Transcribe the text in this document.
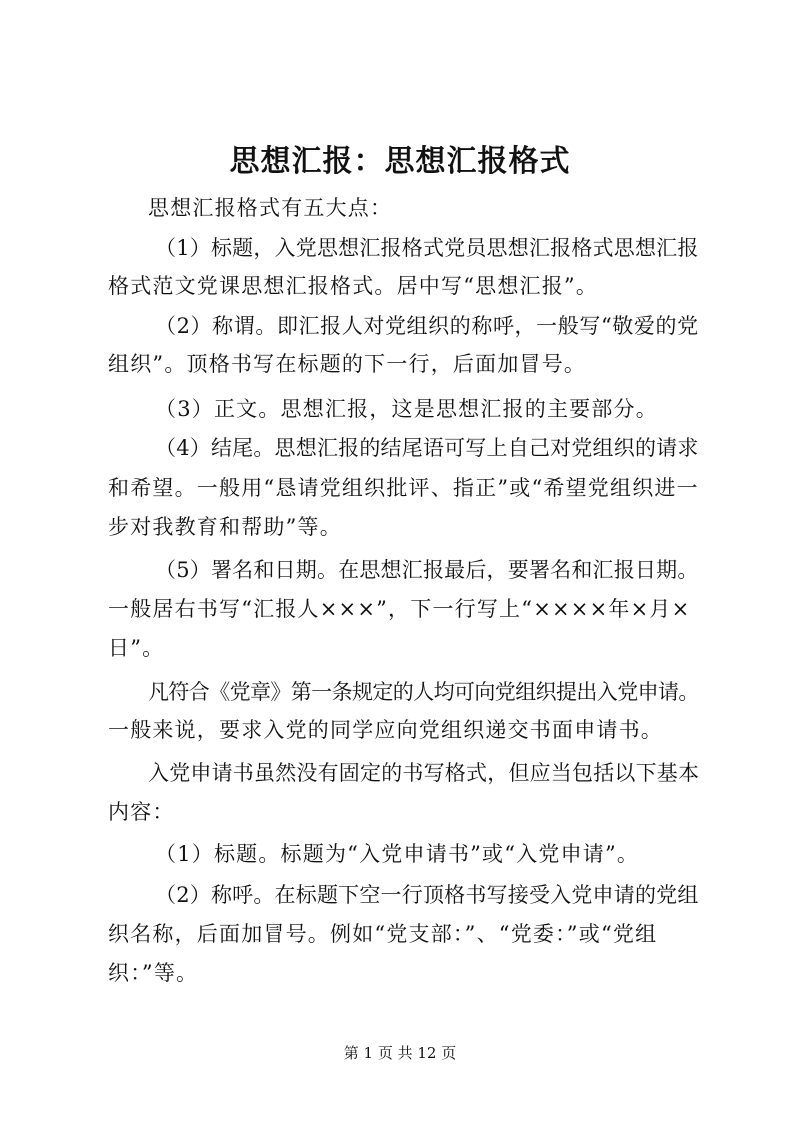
思想汇报：思想汇报格式
思想汇报格式有五大点：
（1）标题，入党思想汇报格式党员思想汇报格式思想汇报
格式范文党课思想汇报格式。居中写“思想汇报”。
（2）称谓。即汇报人对党组织的称呼，一般写“敬爱的党
组织”。顶格书写在标题的下一行，后面加冒号。
（3）正文。思想汇报，这是思想汇报的主要部分。
（4）结尾。思想汇报的结尾语可写上自己对党组织的请求
和希望。一般用“恳请党组织批评、指正”或“希望党组织进一
步对我教育和帮助”等。
（5）署名和日期。在思想汇报最后，要署名和汇报日期。
一般居右书写“汇报人×××”，下一行写上“××××年×月×
日”。
凡符合《党章》第一条规定的人均可向党组织提出入党申请。
一般来说，要求入党的同学应向党组织递交书面申请书。
入党申请书虽然没有固定的书写格式，但应当包括以下基本
内容：
（1）标题。标题为“入党申请书”或“入党申请”。
（2）称呼。在标题下空一行顶格书写接受入党申请的党组
织名称，后面加冒号。例如“党支部：”、“党委：”或“党组
织：”等。
第 1 页 共 12 页
